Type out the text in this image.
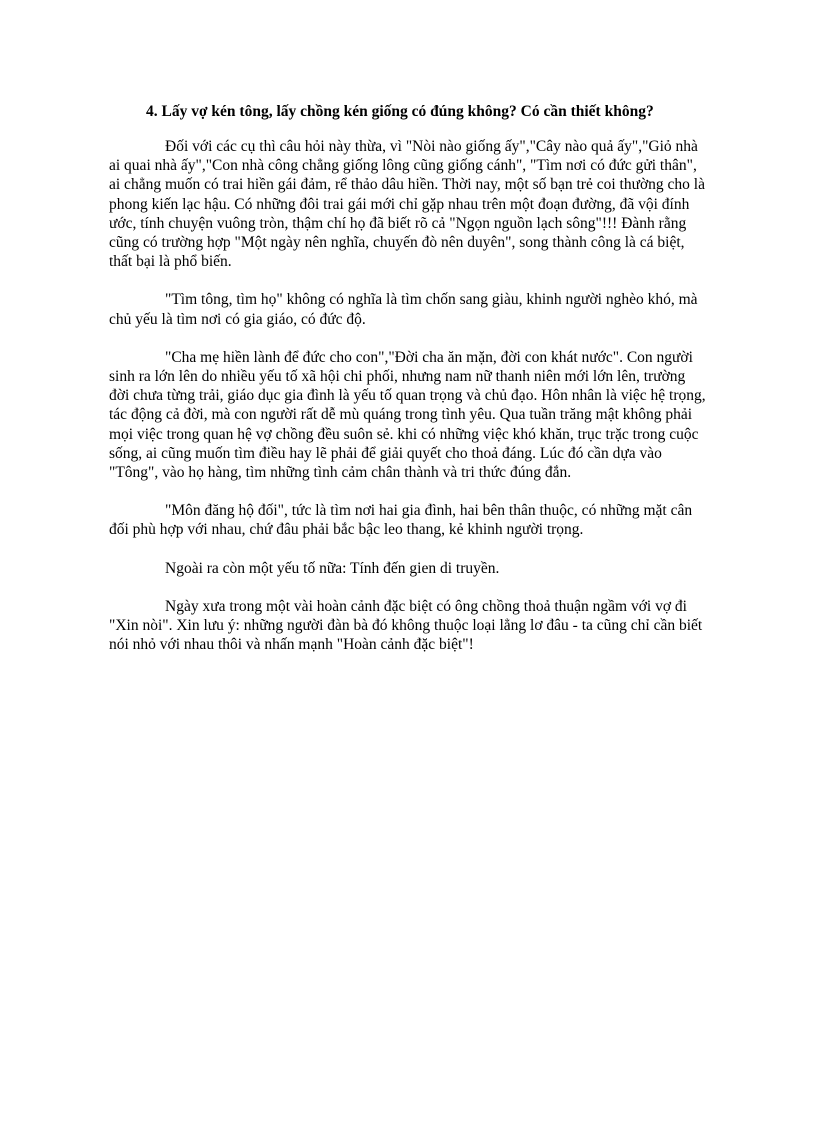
4. Lấy vợ kén tông, lấy chồng kén giống có đúng không? Có cần thiết không?

Đối với các cụ thì câu hỏi này thừa, vì "Nòi nào giống ấy","Cây nào quả ấy","Giỏ nhà ai quai nhà ấy","Con nhà công chẳng giống lông cũng giống cánh", "Tìm nơi có đức gửi thân", ai chẳng muốn có trai hiền gái đảm, rể thảo dâu hiền. Thời nay, một số bạn trẻ coi thường cho là phong kiến lạc hậu. Có những đôi trai gái mới chỉ gặp nhau trên một đoạn đường, đã vội đính ước, tính chuyện vuông tròn, thậm chí họ đã biết rõ cả "Ngọn nguồn lạch sông"!!! Đành rằng cũng có trường hợp "Một ngày nên nghĩa, chuyến đò nên duyên", song thành công là cá biệt, thất bại là phổ biến.

"Tìm tông, tìm họ" không có nghĩa là tìm chốn sang giàu, khinh người nghèo khó, mà chủ yếu là tìm nơi có gia giáo, có đức độ.

"Cha mẹ hiền lành để đức cho con","Đời cha ăn mặn, đời con khát nước". Con người sinh ra lớn lên do nhiều yếu tố xã hội chi phối, nhưng nam nữ thanh niên mới lớn lên, trường đời chưa từng trải, giáo dục gia đình là yếu tố quan trọng và chủ đạo. Hôn nhân là việc hệ trọng, tác động cả đời, mà con người rất dễ mù quáng trong tình yêu. Qua tuần trăng mật không phải mọi việc trong quan hệ vợ chồng đều suôn sẻ. khi có những việc khó khăn, trục trặc trong cuộc sống, ai cũng muốn tìm điều hay lẽ phải để giải quyết cho thoả đáng. Lúc đó cần dựa vào "Tông", vào họ hàng, tìm những tình cảm chân thành và tri thức đúng đắn.

"Môn đăng hộ đối", tức là tìm nơi hai gia đình, hai bên thân thuộc, có những mặt cân đối phù hợp với nhau, chứ đâu phải bắc bậc leo thang, kẻ khinh người trọng.

Ngoài ra còn một yếu tố nữa: Tính đến gien di truyền.

Ngày xưa trong một vài hoàn cảnh đặc biệt có ông chồng thoả thuận ngầm với vợ đi "Xin nòi". Xin lưu ý: những người đàn bà đó không thuộc loại lẳng lơ đâu - ta cũng chỉ cần biết nói nhỏ với nhau thôi và nhấn mạnh "Hoàn cảnh đặc biệt"!
